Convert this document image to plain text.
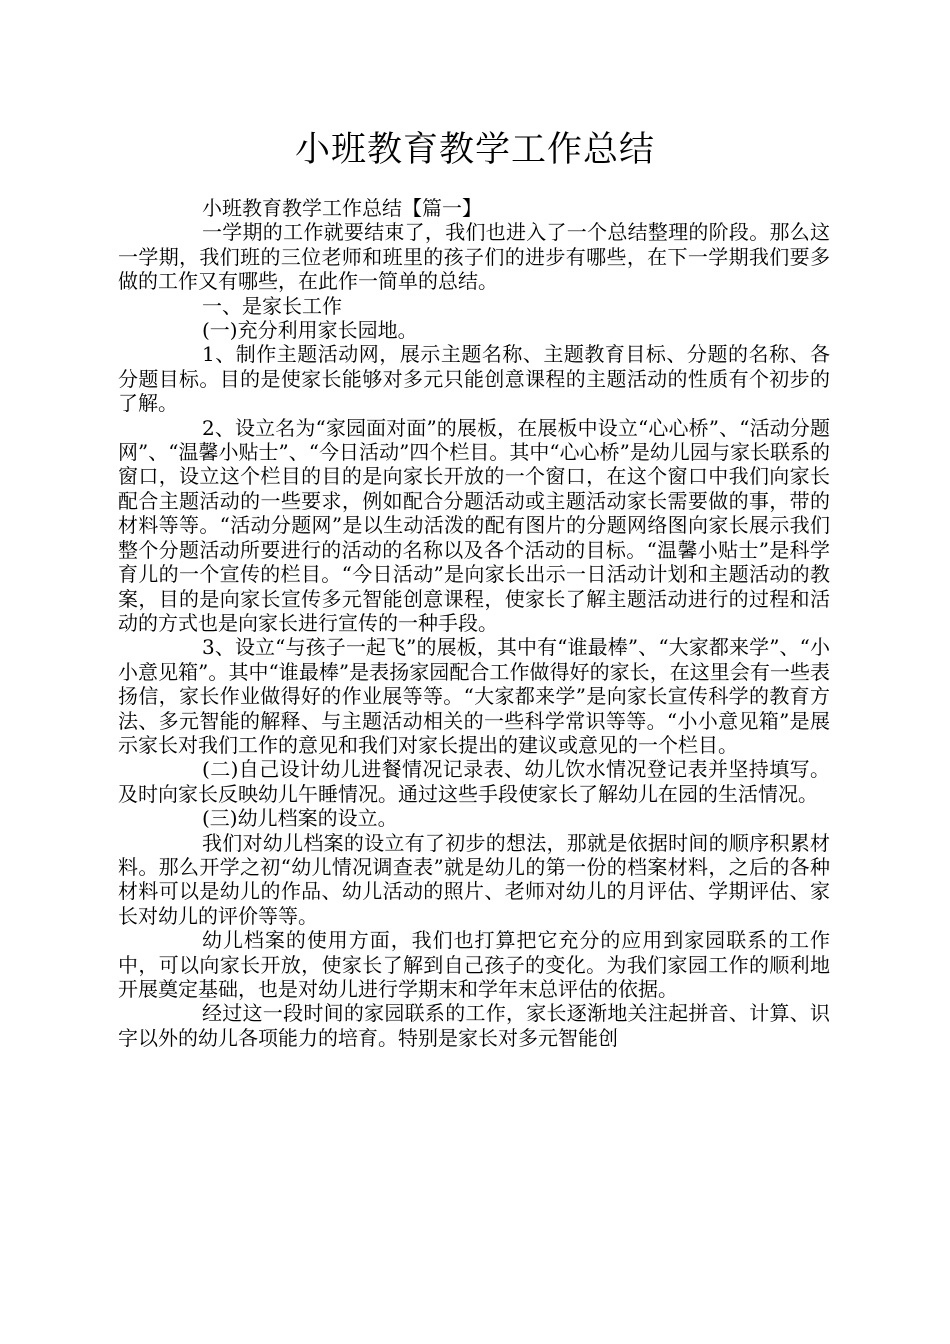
小班教育教学工作总结

小班教育教学工作总结【篇一】

一学期的工作就要结束了，我们也进入了一个总结整理的阶段。那么这一学期，我们班的三位老师和班里的孩子们的进步有哪些，在下一学期我们要多做的工作又有哪些，在此作一简单的总结。

一、是家长工作

(一)充分利用家长园地。

1、制作主题活动网，展示主题名称、主题教育目标、分题的名称、各分题目标。目的是使家长能够对多元只能创意课程的主题活动的性质有个初步的了解。

2、设立名为“家园面对面”的展板，在展板中设立“心心桥”、“活动分题网”、“温馨小贴士”、“今日活动”四个栏目。其中“心心桥”是幼儿园与家长联系的窗口，设立这个栏目的目的是向家长开放的一个窗口，在这个窗口中我们向家长配合主题活动的一些要求，例如配合分题活动或主题活动家长需要做的事，带的材料等等。“活动分题网”是以生动活泼的配有图片的分题网络图向家长展示我们整个分题活动所要进行的活动的名称以及各个活动的目标。“温馨小贴士”是科学育儿的一个宣传的栏目。“今日活动”是向家长出示一日活动计划和主题活动的教案，目的是向家长宣传多元智能创意课程，使家长了解主题活动进行的过程和活动的方式也是向家长进行宣传的一种手段。

3、设立“与孩子一起飞”的展板，其中有“谁最棒”、“大家都来学”、“小小意见箱”。其中“谁最棒”是表扬家园配合工作做得好的家长，在这里会有一些表扬信，家长作业做得好的作业展等等。“大家都来学”是向家长宣传科学的教育方法、多元智能的解释、与主题活动相关的一些科学常识等等。“小小意见箱”是展示家长对我们工作的意见和我们对家长提出的建议或意见的一个栏目。

(二)自己设计幼儿进餐情况记录表、幼儿饮水情况登记表并坚持填写。及时向家长反映幼儿午睡情况。通过这些手段使家长了解幼儿在园的生活情况。

(三)幼儿档案的设立。

我们对幼儿档案的设立有了初步的想法，那就是依据时间的顺序积累材料。那么开学之初“幼儿情况调查表”就是幼儿的第一份的档案材料，之后的各种材料可以是幼儿的作品、幼儿活动的照片、老师对幼儿的月评估、学期评估、家长对幼儿的评价等等。

幼儿档案的使用方面，我们也打算把它充分的应用到家园联系的工作中，可以向家长开放，使家长了解到自己孩子的变化。为我们家园工作的顺利地开展奠定基础，也是对幼儿进行学期末和学年末总评估的依据。

经过这一段时间的家园联系的工作，家长逐渐地关注起拼音、计算、识字以外的幼儿各项能力的培育。特别是家长对多元智能创
